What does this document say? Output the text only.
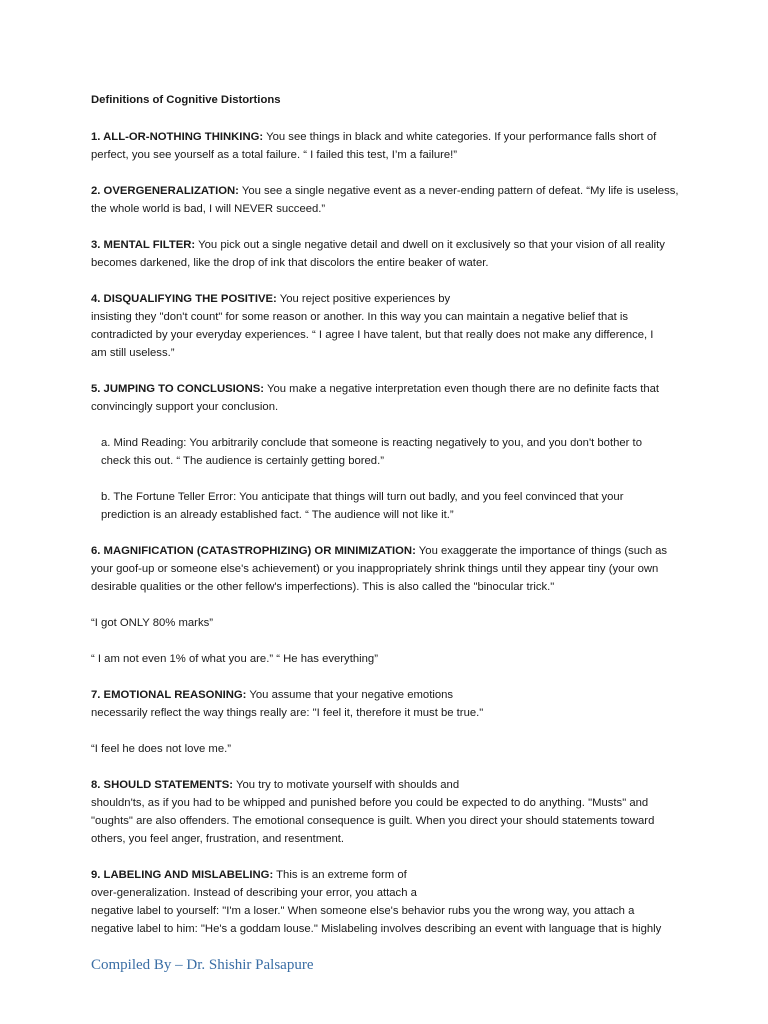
Definitions of Cognitive Distortions
1. ALL-OR-NOTHING THINKING: You see things in black and white categories. If your performance falls short of
perfect, you see yourself as a total failure. “ I failed this test, I’m a failure!”
2. OVERGENERALIZATION: You see a single negative event as a never-ending pattern of defeat. “My life is useless,
the whole world is bad, I will NEVER succeed.”
3. MENTAL FILTER: You pick out a single negative detail and dwell on it exclusively so that your vision of all reality
becomes darkened, like the drop of ink that discolors the entire beaker of water.
4. DISQUALIFYING THE POSITIVE: You reject positive experiences by
insisting they "don't count" for some reason or another. In this way you can maintain a negative belief that is
contradicted by your everyday experiences. “ I agree I have talent, but that really does not make any difference, I
am still useless.”
5. JUMPING TO CONCLUSIONS: You make a negative interpretation even though there are no definite facts that
convincingly support your conclusion.
a. Mind Reading: You arbitrarily conclude that someone is reacting negatively to you, and you don't bother to
check this out. “ The audience is certainly getting bored.”
b. The Fortune Teller Error: You anticipate that things will turn out badly, and you feel convinced that your
prediction is an already established fact. “ The audience will not like it.”
6. MAGNIFICATION (CATASTROPHIZING) OR MINIMIZATION: You exaggerate the importance of things (such as
your goof-up or someone else's achievement) or you inappropriately shrink things until they appear tiny (your own
desirable qualities or the other fellow's imperfections). This is also called the "binocular trick."
“I got ONLY 80% marks”
“ I am not even 1% of what you are.” “ He has everything”
7. EMOTIONAL REASONING: You assume that your negative emotions
necessarily reflect the way things really are: "I feel it, therefore it must be true."
“I feel he does not love me.”
8. SHOULD STATEMENTS: You try to motivate yourself with shoulds and
shouldn'ts, as if you had to be whipped and punished before you could be expected to do anything. "Musts" and
"oughts" are also offenders. The emotional consequence is guilt. When you direct your should statements toward
others, you feel anger, frustration, and resentment.
9. LABELING AND MISLABELING: This is an extreme form of
over-generalization. Instead of describing your error, you attach a
negative label to yourself: "I'm a loser." When someone else's behavior rubs you the wrong way, you attach a
negative label to him: "He's a goddam louse." Mislabeling involves describing an event with language that is highly
Compiled By – Dr. Shishir Palsapure
